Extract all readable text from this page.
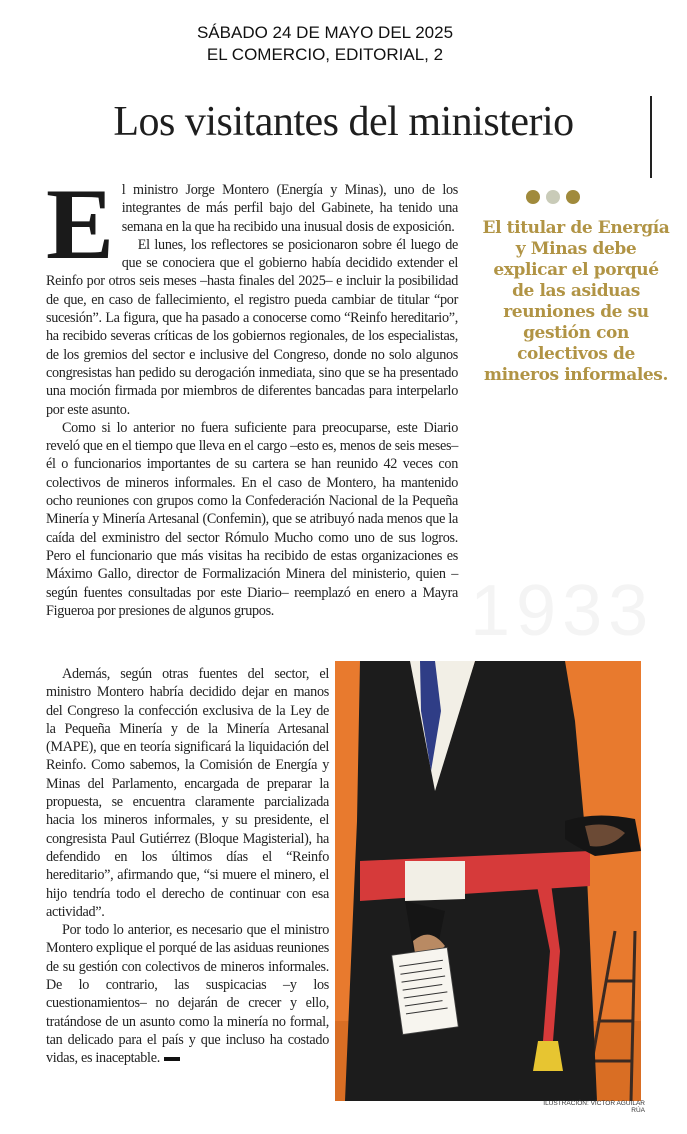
SÁBADO 24 DE MAYO DEL 2025
EL COMERCIO, EDITORIAL, 2
Los visitantes del ministerio
1933

El ministro Jorge Montero (Energía y Minas), uno de los integrantes de más perfil bajo del Gabinete, ha tenido una semana en la que ha recibido una inusual dosis de exposición.

El lunes, los reflectores se posicionaron sobre él luego de que se conociera que el gobierno había decidido extender el Reinfo por otros seis meses –hasta finales del 2025– e incluir la posibilidad de que, en caso de fallecimiento, el registro pueda cambiar de titular “por sucesión”. La figura, que ha pasado a conocerse como “Reinfo hereditario”, ha recibido severas críticas de los gobiernos regionales, de los especialistas, de los gremios del sector e inclusive del Congreso, donde no solo algunos congresistas han pedido su derogación inmediata, sino que se ha presentado una moción firmada por miembros de diferentes bancadas para interpelarlo por este asunto.

Como si lo anterior no fuera suficiente para preocuparse, este Diario reveló que en el tiempo que lleva en el cargo –esto es, menos de seis meses– él o funcionarios importantes de su cartera se han reunido 42 veces con colectivos de mineros informales. En el caso de Montero, ha mantenido ocho reuniones con grupos como la Confederación Nacional de la Pequeña Minería y Minería Artesanal (Confemin), que se atribuyó nada menos que la caída del exministro del sector Rómulo Mucho como uno de sus logros. Pero el funcionario que más visitas ha recibido de estas organizaciones es Máximo Gallo, director de Formalización Minera del ministerio, quien –según fuentes consultadas por este Diario– reemplazó en enero a Mayra Figueroa por presiones de algunos grupos.

Además, según otras fuentes del sector, el ministro Montero habría decidido dejar en manos del Congreso la confección exclusiva de la Ley de la Pequeña Minería y de la Minería Artesanal (MAPE), que en teoría significará la liquidación del Reinfo. Como sabemos, la Comisión de Energía y Minas del Parlamento, encargada de preparar la propuesta, se encuentra claramente parcializada hacia los mineros informales, y su presidente, el congresista Paul Gutiérrez (Bloque Magisterial), ha defendido en los últimos días el “Reinfo hereditario”, afirmando que, “si muere el minero, el hijo tendría todo el derecho de continuar con esa actividad”.

Por todo lo anterior, es necesario que el ministro Montero explique el porqué de las asiduas reuniones de su gestión con colectivos de mineros informales. De lo contrario, las suspicacias –y los cuestionamientos– no dejarán de crecer y ello, tratándose de un asunto como la minería no formal, tan delicado para el país y que incluso ha costado vidas, es inaceptable.

El titular de Energía y Minas debe explicar el porqué de las asiduas reuniones de su gestión con colectivos de mineros informales.
ILUSTRACIÓN: VÍCTOR AGUILAR RÚA
